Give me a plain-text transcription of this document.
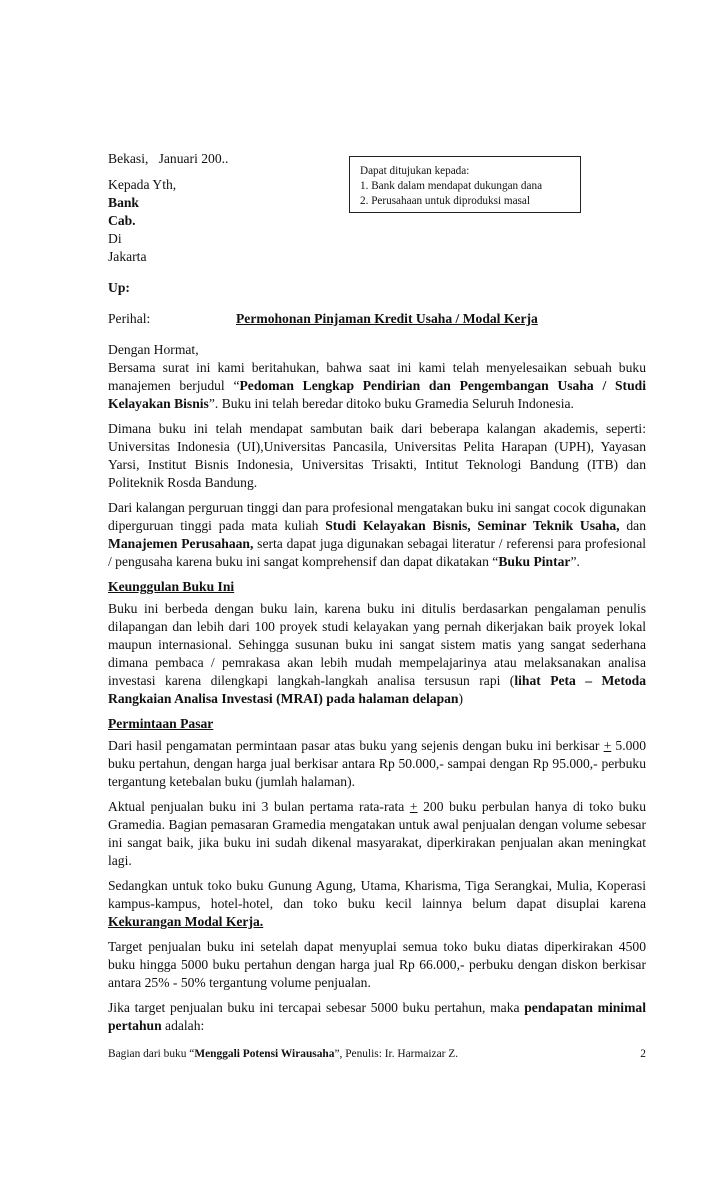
Dapat ditujukan kepada:
1. Bank dalam mendapat dukungan dana
2. Perusahaan untuk diproduksi masal
Bekasi,   Januari 200..
Kepada Yth,
Bank
Cab.
Di
Jakarta
Up:
Perihal:	Permohonan Pinjaman Kredit Usaha / Modal Kerja
Dengan Hormat,

Bersama surat ini kami beritahukan, bahwa saat ini kami telah menyelesaikan sebuah buku manajemen berjudul “Pedoman Lengkap Pendirian dan Pengembangan Usaha / Studi Kelayakan Bisnis”. Buku ini telah beredar ditoko buku Gramedia Seluruh Indonesia.

Dimana buku ini telah mendapat sambutan baik dari beberapa kalangan akademis, seperti: Universitas Indonesia (UI),Universitas Pancasila, Universitas Pelita Harapan (UPH), Yayasan Yarsi, Institut Bisnis Indonesia, Universitas Trisakti, Intitut Teknologi Bandung (ITB) dan Politeknik Rosda Bandung.

Dari kalangan perguruan tinggi dan para profesional mengatakan buku ini sangat cocok digunakan diperguruan tinggi pada mata kuliah Studi Kelayakan Bisnis, Seminar Teknik Usaha, dan Manajemen Perusahaan, serta dapat juga digunakan sebagai literatur / referensi para profesional / pengusaha karena buku ini sangat komprehensif dan dapat dikatakan “Buku Pintar”.

Keunggulan Buku Ini

Buku ini berbeda dengan buku lain, karena buku ini ditulis berdasarkan pengalaman penulis dilapangan dan lebih dari 100 proyek studi kelayakan yang pernah dikerjakan baik proyek lokal maupun internasional. Sehingga susunan buku ini sangat sistem matis yang sangat sederhana dimana pembaca / pemrakasa akan lebih mudah mempelajarinya atau melaksanakan analisa investasi karena dilengkapi langkah-langkah analisa tersusun rapi (lihat Peta – Metoda Rangkaian Analisa Investasi (MRAI) pada halaman delapan)

Permintaan Pasar

Dari hasil pengamatan permintaan pasar atas buku yang sejenis dengan buku ini berkisar + 5.000 buku pertahun, dengan harga jual berkisar antara Rp 50.000,- sampai dengan Rp 95.000,- perbuku tergantung ketebalan buku (jumlah halaman).

Aktual penjualan buku ini 3 bulan pertama rata-rata + 200 buku perbulan hanya di toko buku Gramedia. Bagian pemasaran Gramedia mengatakan untuk awal penjualan dengan volume sebesar ini sangat baik, jika buku ini sudah dikenal masyarakat, diperkirakan penjualan akan meningkat lagi.

Sedangkan untuk toko buku Gunung Agung, Utama, Kharisma, Tiga Serangkai, Mulia, Koperasi kampus-kampus, hotel-hotel, dan toko buku kecil lainnya belum dapat disuplai karena Kekurangan Modal Kerja.

Target penjualan buku ini setelah dapat menyuplai semua toko buku diatas diperkirakan 4500 buku hingga 5000 buku pertahun dengan harga jual Rp 66.000,- perbuku dengan diskon berkisar antara 25% - 50% tergantung volume penjualan.

Jika target penjualan buku ini tercapai sebesar 5000 buku pertahun, maka pendapatan minimal pertahun adalah:

Bagian dari buku “Menggali Potensi Wirausaha”, Penulis: Ir. Harmaizar Z.	2
